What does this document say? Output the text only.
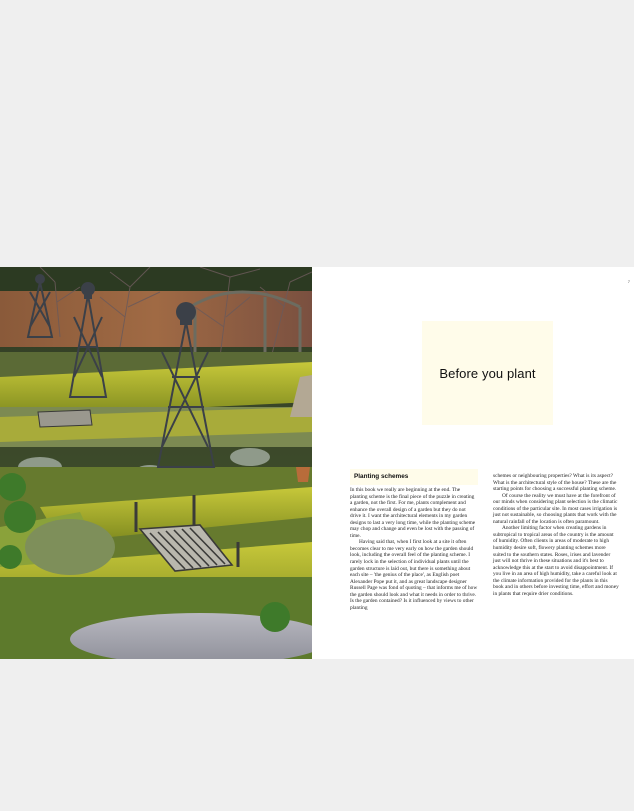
7
Before you plant
Planting schemes

In this book we really are beginning at the end. The planting scheme is the final piece of the puzzle in creating a garden, not the first. For me, plants complement and enhance the overall design of a garden but they do not drive it. I want the architectural elements in my garden designs to last a very long time, while the planting scheme may chop and change and even be lost with the passing of time.

Having said that, when I first look at a site it often becomes clear to me very early on how the garden should look, including the overall feel of the planting scheme. I rarely lock in the selection of individual plants until the garden structure is laid out, but there is something about each site – 'the genius of the place', as English poet Alexander Pope put it, and as great landscape designer Russell Page was fond of quoting – that informs me of how the garden should look and what it needs in order to thrive. Is the garden contained? Is it influenced by views to other planting

schemes or neighbouring properties? What is its aspect? What is the architectural style of the house? These are the starting points for choosing a successful planting scheme.

Of course the reality we must have at the forefront of our minds when considering plant selection is the climatic conditions of the particular site. In most cases irrigation is just not sustainable, so choosing plants that work with the natural rainfall of the location is often paramount.

Another limiting factor when creating gardens in subtropical to tropical areas of the country is the amount of humidity. Often clients in areas of moderate to high humidity desire soft, flowery planting schemes more suited to the southern states. Roses, irises and lavender just will not thrive in these situations and it's best to acknowledge this at the start to avoid disappointment. If you live in an area of high humidity, take a careful look at the climate information provided for the plants in this book and in others before investing time, effort and money in plants that require drier conditions.
